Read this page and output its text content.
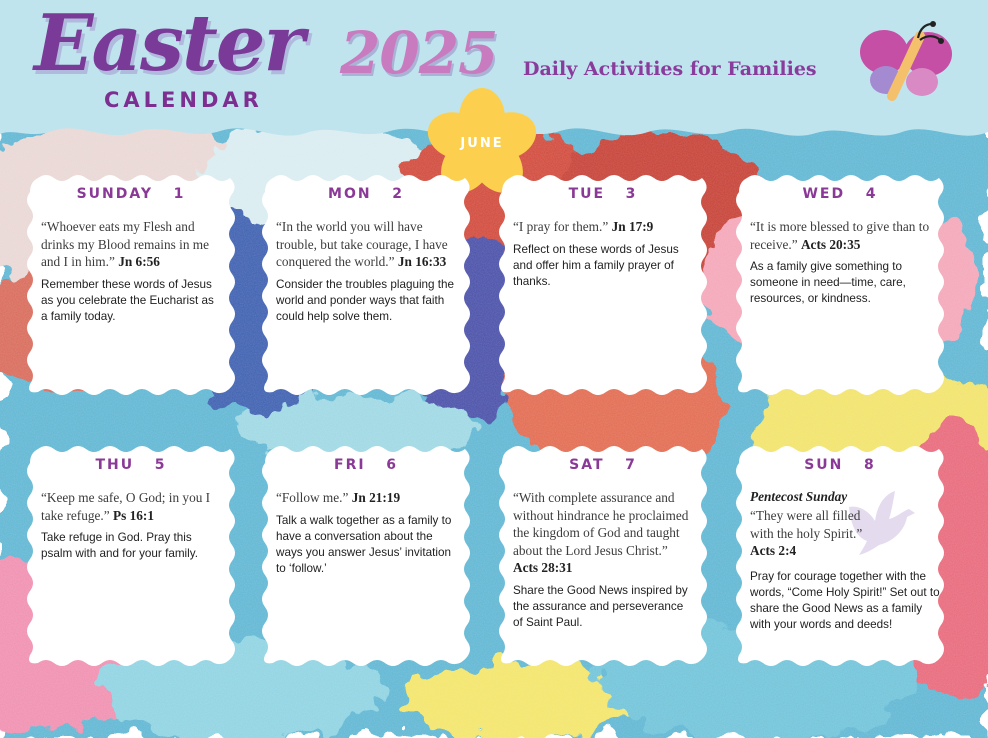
Easter 2025
CALENDAR
Daily Activities for Families
JUNE
SUNDAY 1

“Whoever eats my Flesh and drinks my Blood remains in me and I in him.” Jn 6:56

Remember these words of Jesus as you celebrate the Eucharist as a family today.

MON 2

“In the world you will have trouble, but take courage, I have conquered the world.” Jn 16:33

Consider the troubles plaguing the world and ponder ways that faith could help solve them.

TUE 3

“I pray for them.” Jn 17:9

Reflect on these words of Jesus and offer him a family prayer of thanks.

WED 4

“It is more blessed to give than to receive.” Acts 20:35

As a family give something to someone in need—time, care, resources, or kindness.

THU 5

“Keep me safe, O God; in you I take refuge.” Ps 16:1

Take refuge in God. Pray this psalm with and for your family.

FRI 6

“Follow me.” Jn 21:19

Talk a walk together as a family to have a conversation about the ways you answer Jesus’ invitation to ‘follow.’

SAT 7

“With complete assurance and without hindrance he proclaimed the kingdom of God and taught about the Lord Jesus Christ.”
Acts 28:31

Share the Good News inspired by the assurance and perseverance of Saint Paul.

SUN 8

Pentecost Sunday

“They were all filled with the holy Spirit.”
Acts 2:4

Pray for courage together with the words, “Come Holy Spirit!” Set out to share the Good News as a family with your words and deeds!
